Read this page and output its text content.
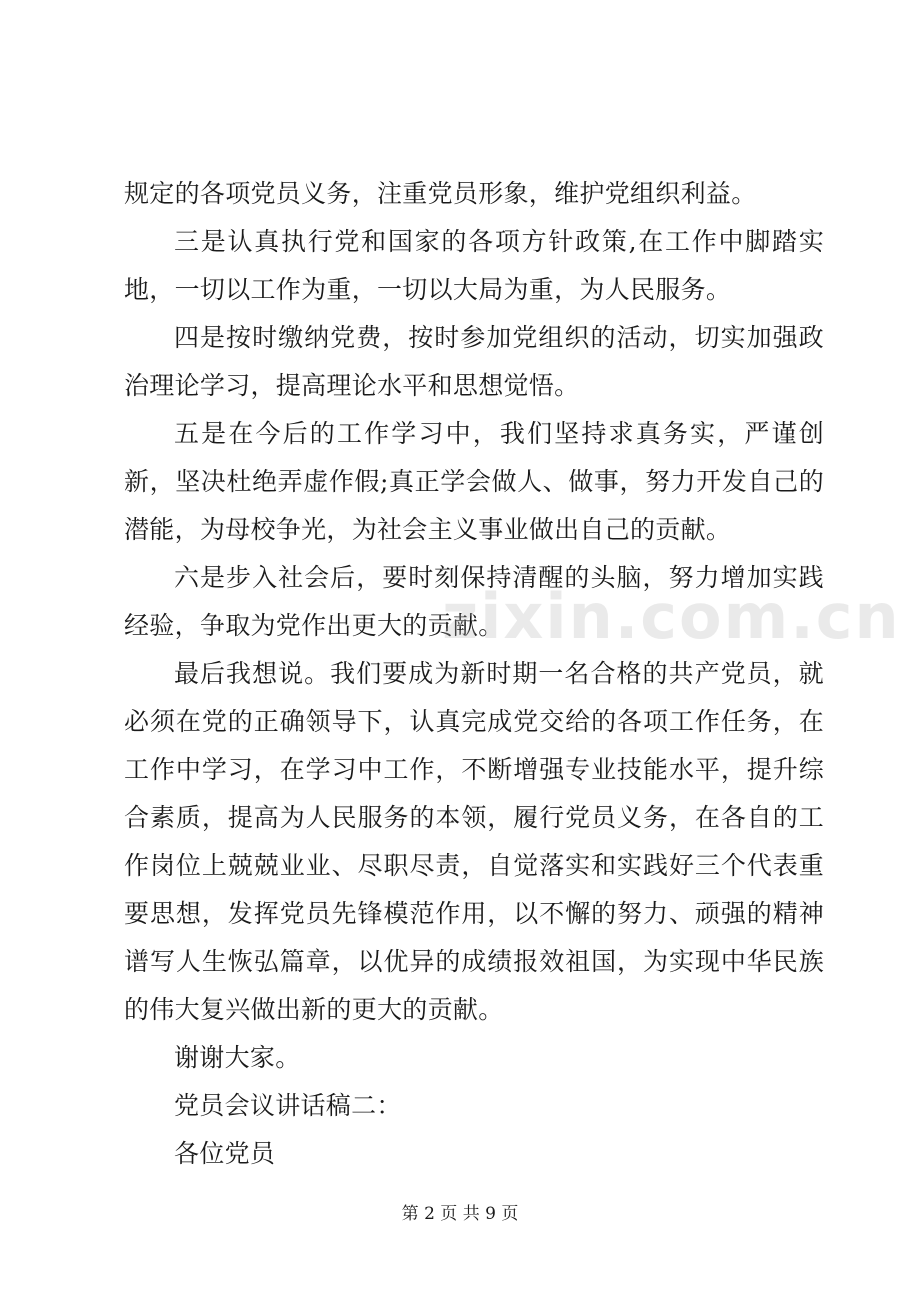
规定的各项党员义务，注重党员形象，维护党组织利益。

三是认真执行党和国家的各项方针政策,在工作中脚踏实地，一切以工作为重，一切以大局为重，为人民服务。

四是按时缴纳党费，按时参加党组织的活动，切实加强政治理论学习，提高理论水平和思想觉悟。

五是在今后的工作学习中，我们坚持求真务实，严谨创新，坚决杜绝弄虚作假;真正学会做人、做事，努力开发自己的潜能，为母校争光，为社会主义事业做出自己的贡献。

六是步入社会后，要时刻保持清醒的头脑，努力增加实践经验，争取为党作出更大的贡献。

最后我想说。我们要成为新时期一名合格的共产党员，就必须在党的正确领导下，认真完成党交给的各项工作任务，在工作中学习，在学习中工作，不断增强专业技能水平，提升综合素质，提高为人民服务的本领，履行党员义务，在各自的工作岗位上兢兢业业、尽职尽责，自觉落实和实践好三个代表重要思想，发挥党员先锋模范作用，以不懈的努力、顽强的精神谱写人生恢弘篇章，以优异的成绩报效祖国，为实现中华民族的伟大复兴做出新的更大的贡献。

谢谢大家。

党员会议讲话稿二：

各位党员

zixin.com.cn
第 2 页 共 9 页
